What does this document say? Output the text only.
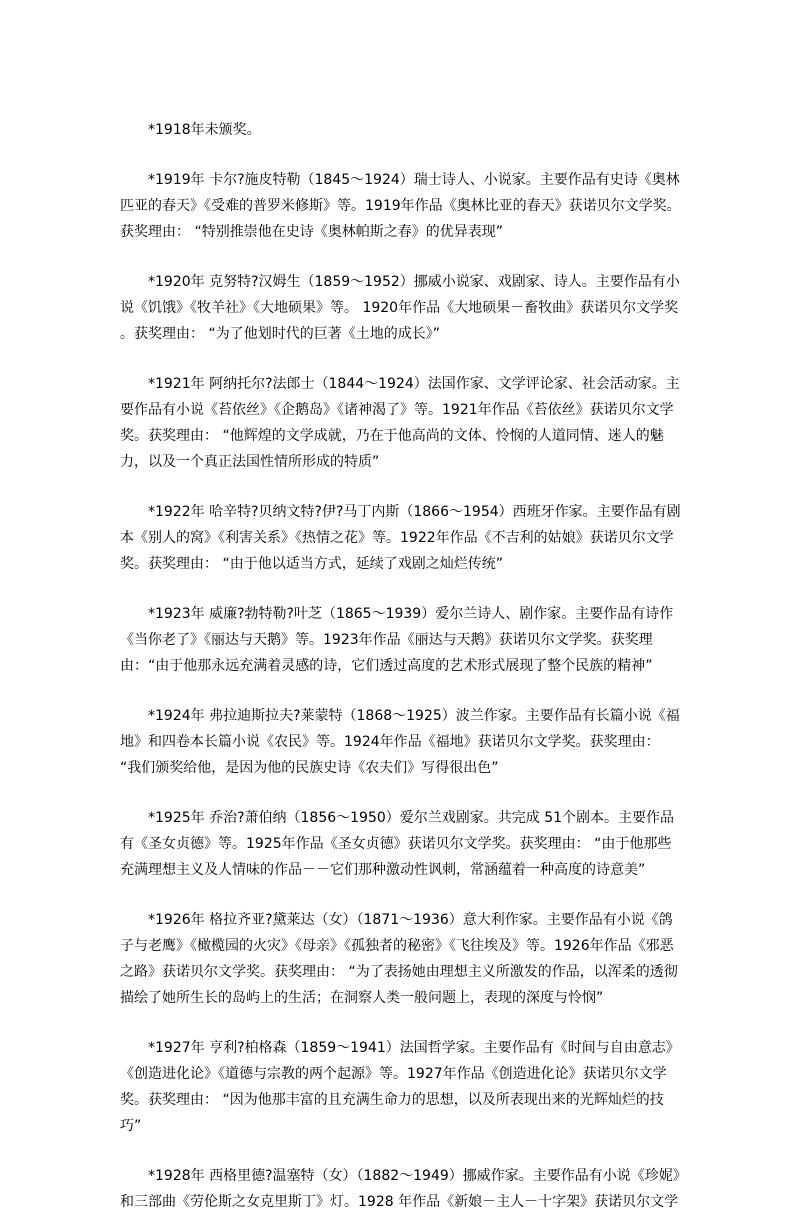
*1918年未颁奖。

*1919年 卡尔?施皮特勒（1845～1924）瑞士诗人、小说家。主要作品有史诗《奥林匹亚的春天》《受难的普罗米修斯》等。1919年作品《奥林比亚的春天》获诺贝尔文学奖。获奖理由： “特别推崇他在史诗《奥林帕斯之春》的优异表现”

*1920年 克努特?汉姆生（1859～1952）挪威小说家、戏剧家、诗人。主要作品有小说《饥饿》《牧羊社》《大地硕果》等。 1920年作品《大地硕果－畜牧曲》获诺贝尔文学奖 。获奖理由： “为了他划时代的巨著《土地的成长》”

*1921年 阿纳托尔?法郎士（1844～1924）法国作家、文学评论家、社会活动家。主要作品有小说《苔依丝》《企鹅岛》《诸神渴了》等。1921年作品《苔依丝》获诺贝尔文学奖。获奖理由： “他辉煌的文学成就，乃在于他高尚的文体、怜悯的人道同情、迷人的魅力，以及一个真正法国性情所形成的特质”

*1922年 哈辛特?贝纳文特?伊?马丁内斯（1866～1954）西班牙作家。主要作品有剧本《别人的窝》《利害关系》《热情之花》等。1922年作品《不吉利的姑娘》获诺贝尔文学奖。获奖理由： “由于他以适当方式，延续了戏剧之灿烂传统”

*1923年 威廉?勃特勒?叶芝（1865～1939）爱尔兰诗人、剧作家。主要作品有诗作《当你老了》《丽达与天鹅》等。1923年作品《丽达与天鹅》获诺贝尔文学奖。获奖理由：“由于他那永远充满着灵感的诗，它们透过高度的艺术形式展现了整个民族的精神”

*1924年 弗拉迪斯拉夫?莱蒙特（1868～1925）波兰作家。主要作品有长篇小说《福地》和四卷本长篇小说《农民》等。1924年作品《福地》获诺贝尔文学奖。获奖理由： “我们颁奖给他，是因为他的民族史诗《农夫们》写得很出色”

*1925年 乔治?萧伯纳（1856～1950）爱尔兰戏剧家。共完成 51个剧本。主要作品有《圣女贞德》等。1925年作品《圣女贞德》获诺贝尔文学奖。获奖理由： “由于他那些充满理想主义及人情味的作品－－它们那种激动性讽刺，常涵蕴着一种高度的诗意美”

*1926年 格拉齐亚?黛莱达（女）（1871～1936）意大利作家。主要作品有小说《鸽子与老鹰》《橄榄园的火灾》《母亲》《孤独者的秘密》《飞往埃及》等。1926年作品《邪恶之路》获诺贝尔文学奖。获奖理由： “为了表扬她由理想主义所激发的作品，以浑柔的透彻描绘了她所生长的岛屿上的生活；在洞察人类一般问题上，表现的深度与怜悯”

*1927年 亨利?柏格森（1859～1941）法国哲学家。主要作品有《时间与自由意志》《创造进化论》《道德与宗教的两个起源》等。1927年作品《创造进化论》获诺贝尔文学奖。获奖理由： “因为他那丰富的且充满生命力的思想，以及所表现出来的光辉灿烂的技巧”

*1928年 西格里德?温塞特（女）（1882～1949）挪威作家。主要作品有小说《珍妮》和三部曲《劳伦斯之女克里斯丁》灯。1928 年作品《新娘－主人－十字架》获诺贝尔文学
